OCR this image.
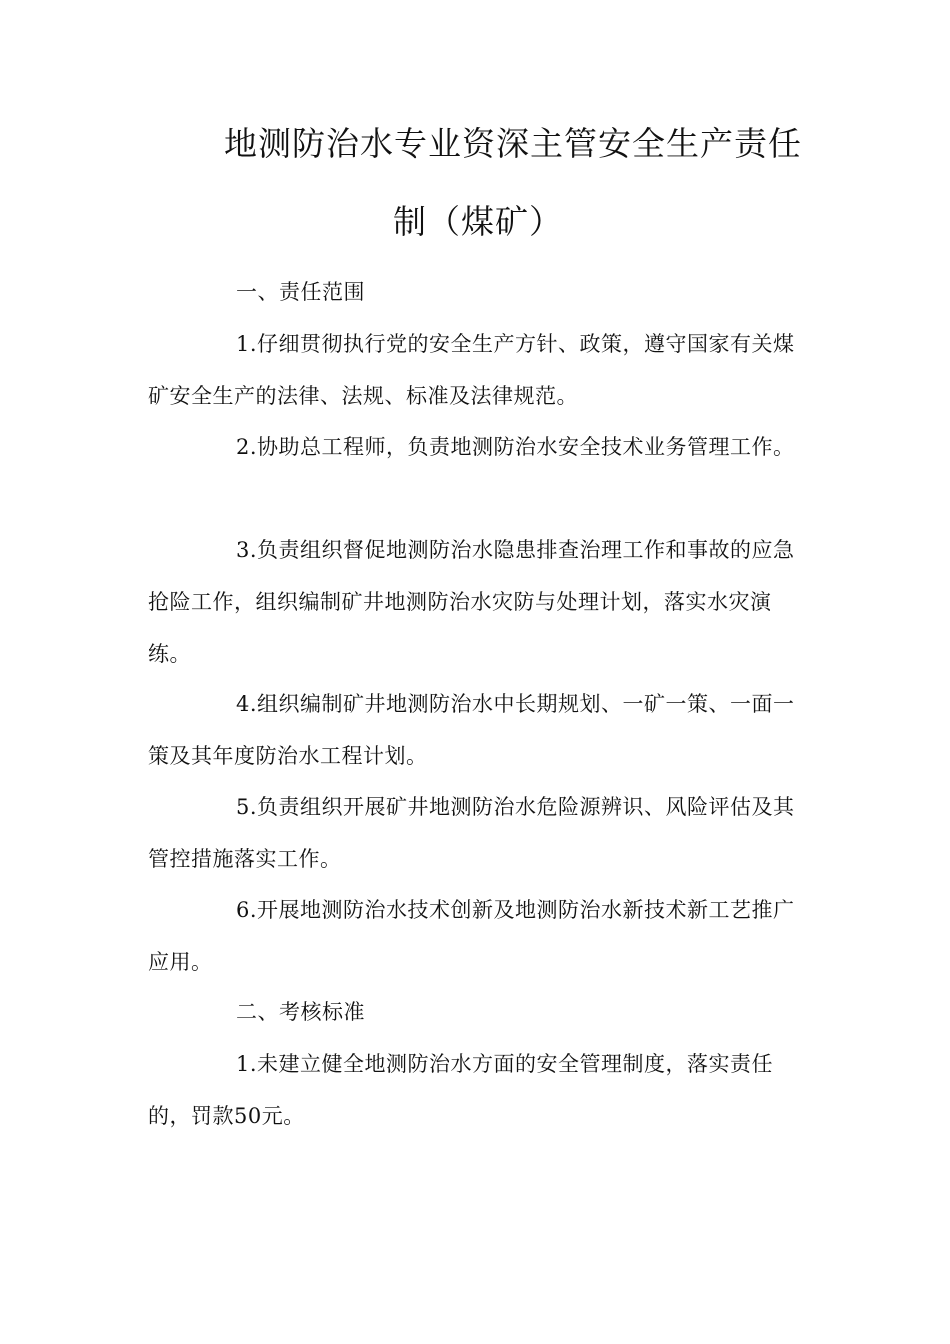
地测防治水专业资深主管安全生产责任
制（煤矿）

一、责任范围

1.仔细贯彻执行党的安全生产方针、政策，遵守国家有关煤矿安全生产的法律、法规、标准及法律规范。

2.协助总工程师，负责地测防治水安全技术业务管理工作。

3.负责组织督促地测防治水隐患排查治理工作和事故的应急抢险工作，组织编制矿井地测防治水灾防与处理计划，落实水灾演练。

4.组织编制矿井地测防治水中长期规划、一矿一策、一面一策及其年度防治水工程计划。

5.负责组织开展矿井地测防治水危险源辨识、风险评估及其管控措施落实工作。

6.开展地测防治水技术创新及地测防治水新技术新工艺推广应用。

二、考核标准

1.未建立健全地测防治水方面的安全管理制度，落实责任的，罚款50元。
